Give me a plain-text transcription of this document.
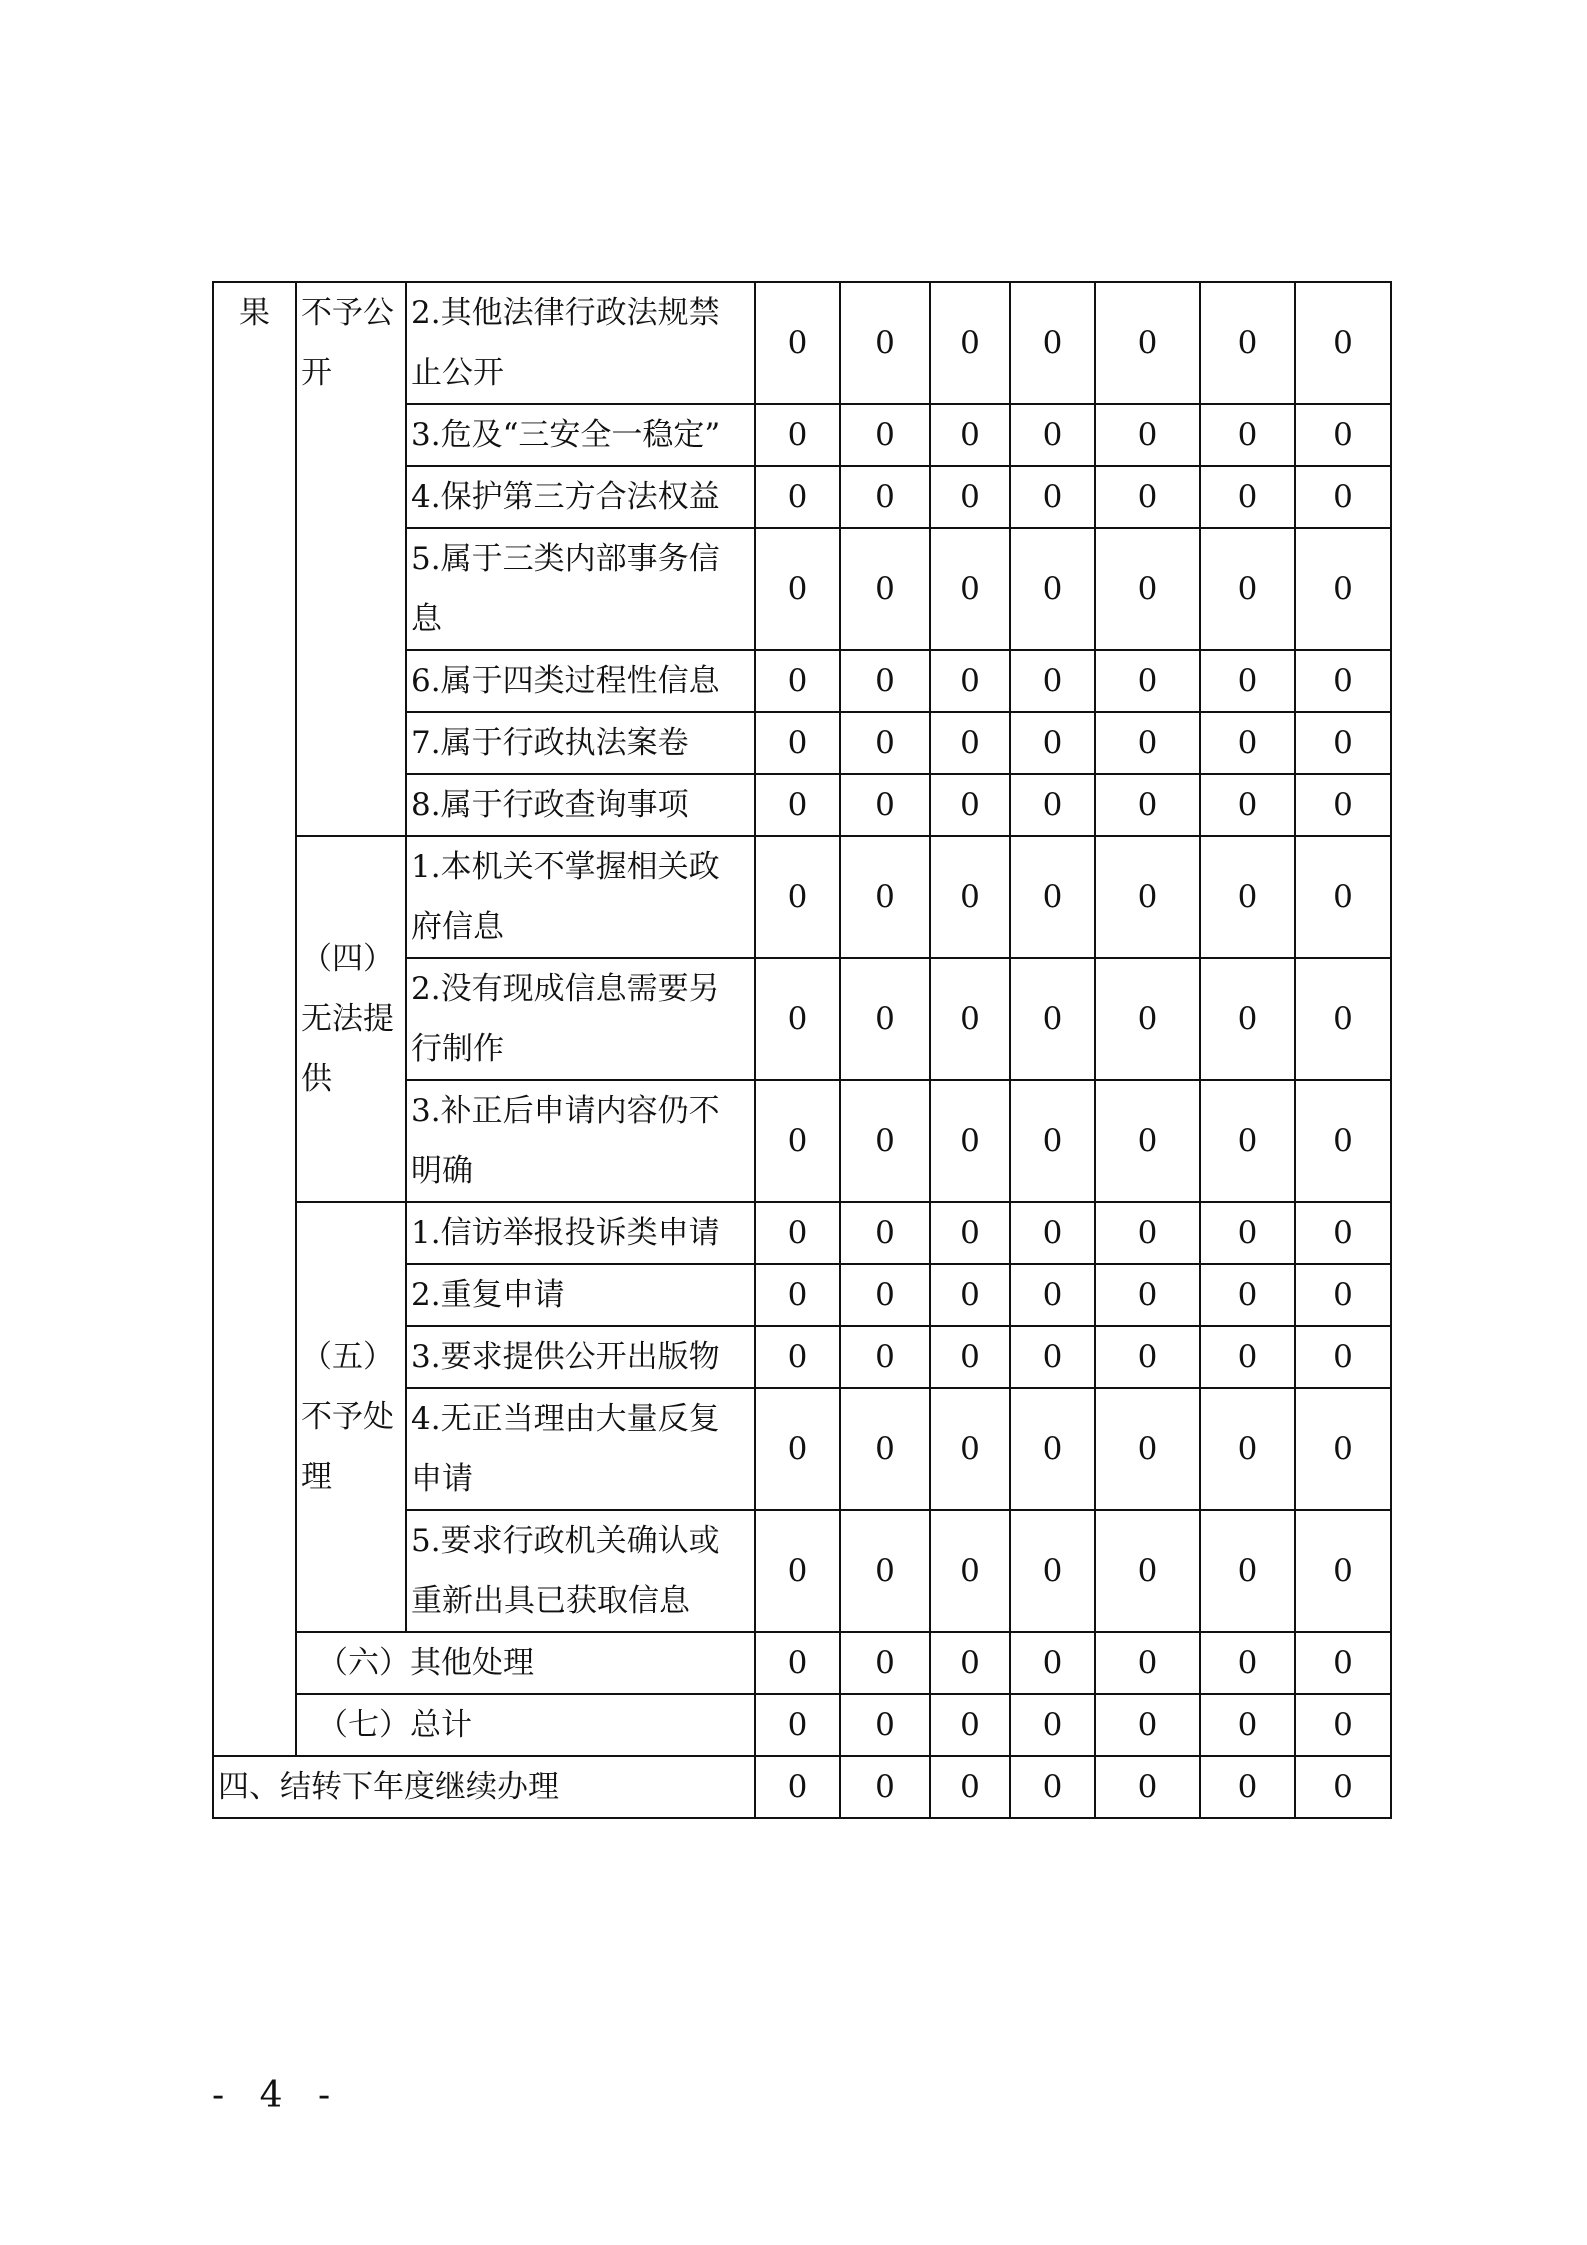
果	不予公开	2.其他法律行政法规禁止公开	0	0	0	0	0	0	0
		3.危及“三安全一稳定”	0	0	0	0	0	0	0
		4.保护第三方合法权益	0	0	0	0	0	0	0
		5.属于三类内部事务信息	0	0	0	0	0	0	0
		6.属于四类过程性信息	0	0	0	0	0	0	0
		7.属于行政执法案卷	0	0	0	0	0	0	0
		8.属于行政查询事项	0	0	0	0	0	0	0
	（四）无法提供	1.本机关不掌握相关政府信息	0	0	0	0	0	0	0
		2.没有现成信息需要另行制作	0	0	0	0	0	0	0
		3.补正后申请内容仍不明确	0	0	0	0	0	0	0
	（五）不予处理	1.信访举报投诉类申请	0	0	0	0	0	0	0
		2.重复申请	0	0	0	0	0	0	0
		3.要求提供公开出版物	0	0	0	0	0	0	0
		4.无正当理由大量反复申请	0	0	0	0	0	0	0
		5.要求行政机关确认或重新出具已获取信息	0	0	0	0	0	0	0
	（六）其他处理		0	0	0	0	0	0	0
	（七）总计		0	0	0	0	0	0	0
四、结转下年度继续办理			0	0	0	0	0	0	0
- 4 -
